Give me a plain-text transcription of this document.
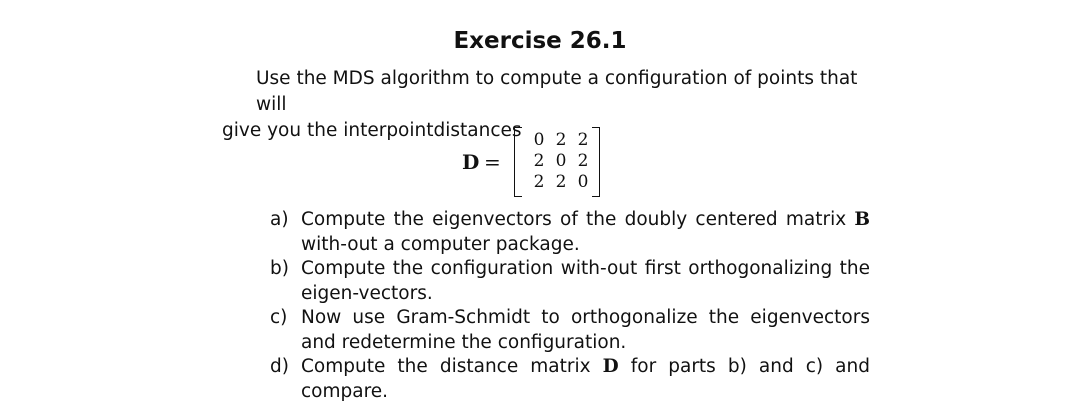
Exercise 26.1
Use the MDS algorithm to compute a configuration of points that will
give you the interpointdistances
D =
0 2 2
2 0 2
2 2 0
a) Compute the eigenvectors of the doubly centered matrix B with-out a computer package.
b) Compute the configuration with-out first orthogonalizing the eigen-vectors.
c) Now use Gram-Schmidt to orthogonalize the eigenvectors and redetermine the configuration.
d) Compute the distance matrix D for parts b) and c) and compare.
